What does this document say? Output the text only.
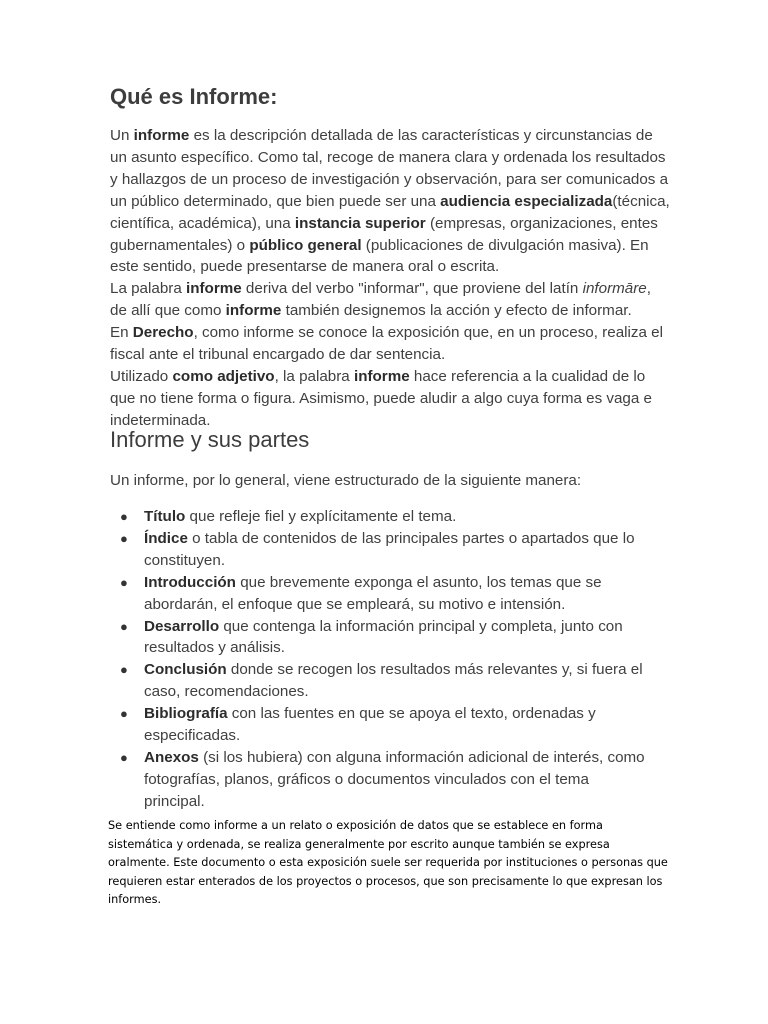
Qué es Informe:
Un informe es la descripción detallada de las características y circunstancias de un asunto específico. Como tal, recoge de manera clara y ordenada los resultados y hallazgos de un proceso de investigación y observación, para ser comunicados a un público determinado, que bien puede ser una audiencia especializada(técnica, científica, académica), una instancia superior (empresas, organizaciones, entes gubernamentales) o público general (publicaciones de divulgación masiva). En este sentido, puede presentarse de manera oral o escrita.
La palabra informe deriva del verbo "informar", que proviene del latín informāre, de allí que como informe también designemos la acción y efecto de informar.
En Derecho, como informe se conoce la exposición que, en un proceso, realiza el fiscal ante el tribunal encargado de dar sentencia.
Utilizado como adjetivo, la palabra informe hace referencia a la cualidad de lo que no tiene forma o figura. Asimismo, puede aludir a algo cuya forma es vaga e indeterminada.
Informe y sus partes

Un informe, por lo general, viene estructurado de la siguiente manera:

● Título que refleje fiel y explícitamente el tema.
● Índice o tabla de contenidos de las principales partes o apartados que lo constituyen.
● Introducción que brevemente exponga el asunto, los temas que se abordarán, el enfoque que se empleará, su motivo e intensión.
● Desarrollo que contenga la información principal y completa, junto con resultados y análisis.
● Conclusión donde se recogen los resultados más relevantes y, si fuera el caso, recomendaciones.
● Bibliografía con las fuentes en que se apoya el texto, ordenadas y especificadas.
● Anexos (si los hubiera) con alguna información adicional de interés, como fotografías, planos, gráficos o documentos vinculados con el tema principal.

Se entiende como informe a un relato o exposición de datos que se establece en forma sistemática y ordenada, se realiza generalmente por escrito aunque también se expresa oralmente. Este documento o esta exposición suele ser requerida por instituciones o personas que requieren estar enterados de los proyectos o procesos, que son precisamente lo que expresan los informes.
